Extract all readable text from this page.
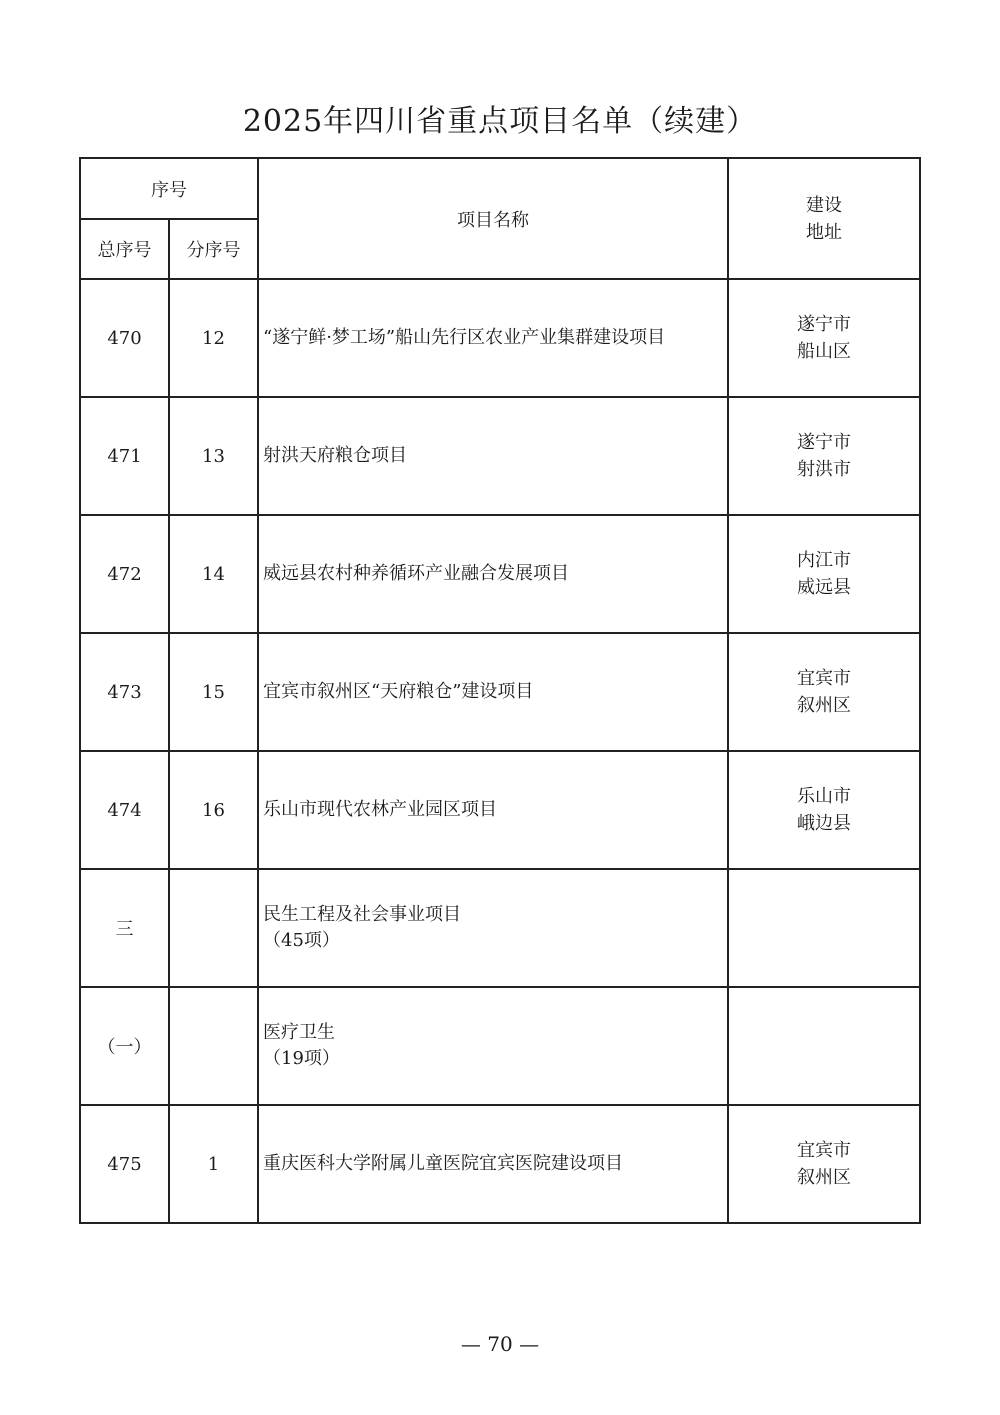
2025年四川省重点项目名单（续建）
序号		项目名称	建设
地址

总序号	分序号		
470	12	“遂宁鲜·梦工场”船山先行区农业产业集群建设项目	遂宁市
船山区

471	13	射洪天府粮仓项目	遂宁市
射洪市

472	14	威远县农村种养循环产业融合发展项目	内江市
威远县

473	15	宜宾市叙州区“天府粮仓”建设项目	宜宾市
叙州区

474	16	乐山市现代农林产业园区项目	乐山市
峨边县

三		民生工程及社会事业项目
（45项）	

（一）		医疗卫生
（19项）	

475	1	重庆医科大学附属儿童医院宜宾医院建设项目	宜宾市
叙州区
— 70 —
